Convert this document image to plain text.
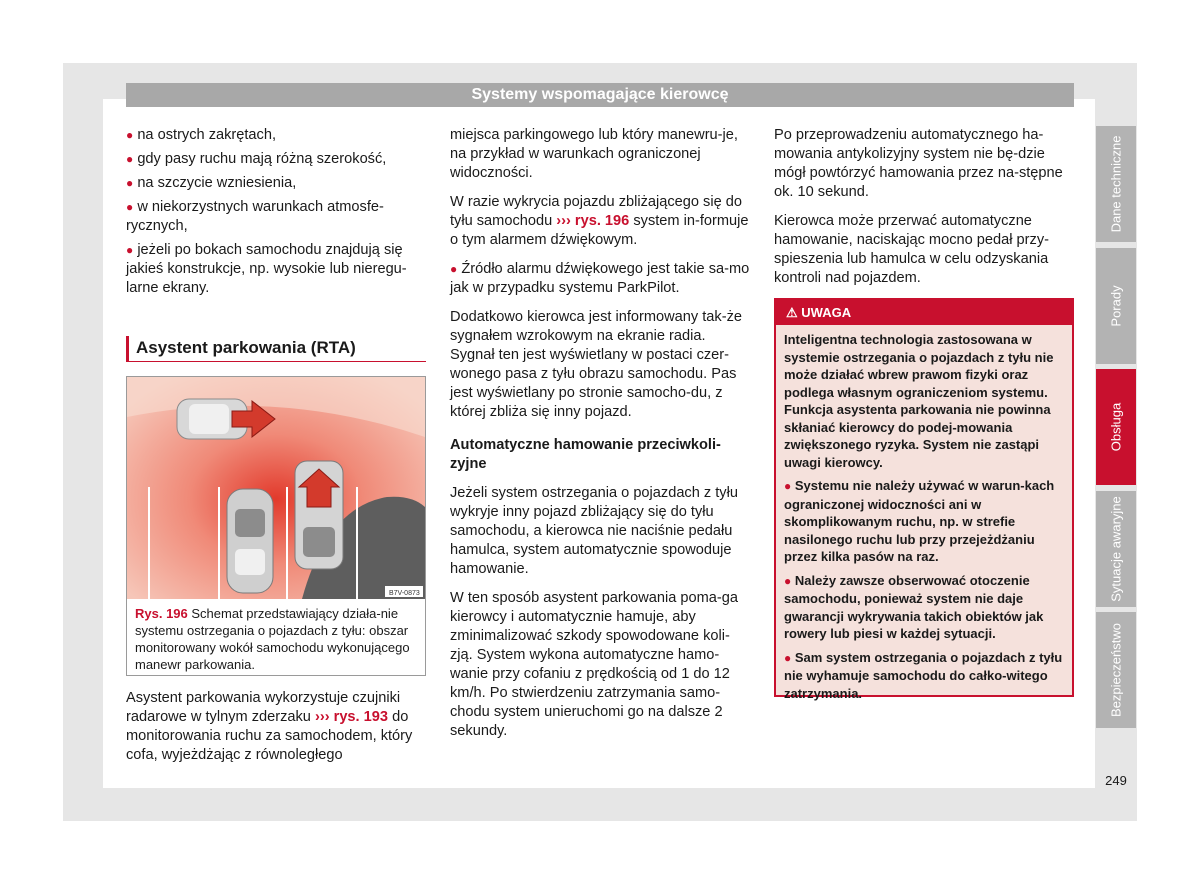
Systemy wspomagające kierowcę
● na ostrych zakrętach,
● gdy pasy ruchu mają różną szerokość,
● na szczycie wzniesienia,
● w niekorzystnych warunkach atmosfe-rycznych,
● jeżeli po bokach samochodu znajdują się jakieś konstrukcje, np. wysokie lub nieregu-larne ekrany.
Asystent parkowania (RTA)
B7V-0873
Rys. 196 Schemat przedstawiający działa-nie systemu ostrzegania o pojazdach z tyłu: obszar monitorowany wokół samochodu wykonującego manewr parkowania.

Asystent parkowania wykorzystuje czujniki radarowe w tylnym zderzaku ››› rys. 193 do monitorowania ruchu za samochodem, który cofa, wyjeżdżając z równoległego

miejsca parkingowego lub który manewru-je, na przykład w warunkach ograniczonej widoczności.

W razie wykrycia pojazdu zbliżającego się do tyłu samochodu ››› rys. 196 system in-formuje o tym alarmem dźwiękowym.

● Źródło alarmu dźwiękowego jest takie sa-mo jak w przypadku systemu ParkPilot.

Dodatkowo kierowca jest informowany tak-że sygnałem wzrokowym na ekranie radia. Sygnał ten jest wyświetlany w postaci czer-wonego pasa z tyłu obrazu samochodu. Pas jest wyświetlany po stronie samocho-du, z której zbliża się inny pojazd.

Automatyczne hamowanie przeciwkoli-zyjne

Jeżeli system ostrzegania o pojazdach z tyłu wykryje inny pojazd zbliżający się do tyłu samochodu, a kierowca nie naciśnie pedału hamulca, system automatycznie spowoduje hamowanie.

W ten sposób asystent parkowania poma-ga kierowcy i automatycznie hamuje, aby zminimalizować szkody spowodowane koli-zją. System wykona automatyczne hamo-wanie przy cofaniu z prędkością od 1 do 12 km/h. Po stwierdzeniu zatrzymania samo-chodu system unieruchomi go na dalsze 2 sekundy.

Po przeprowadzeniu automatycznego ha-mowania antykolizyjny system nie bę-dzie mógł powtórzyć hamowania przez na-stępne ok. 10 sekund.

Kierowca może przerwać automatyczne hamowanie, naciskając mocno pedał przy-spieszenia lub hamulca w celu odzyskania kontroli nad pojazdem.

⚠ UWAGA

Inteligentna technologia zastosowana w systemie ostrzegania o pojazdach z tyłu nie może działać wbrew prawom fizyki oraz podlega własnym ograniczeniom systemu. Funkcja asystenta parkowania nie powinna skłaniać kierowcy do podej-mowania zwiększonego ryzyka. System nie zastąpi uwagi kierowcy.

● Systemu nie należy używać w warun-kach ograniczonej widoczności ani w skomplikowanym ruchu, np. w strefie nasilonego ruchu lub przy przejeżdżaniu przez kilka pasów na raz.

● Należy zawsze obserwować otoczenie samochodu, ponieważ system nie daje gwarancji wykrywania takich obiektów jak rowery lub piesi w każdej sytuacji.

● Sam system ostrzegania o pojazdach z tyłu nie wyhamuje samochodu do całko-witego zatrzymania.

Dane techniczne
Porady
Obsługa
Sytuacje awaryjne
Bezpieczeństwo
249
